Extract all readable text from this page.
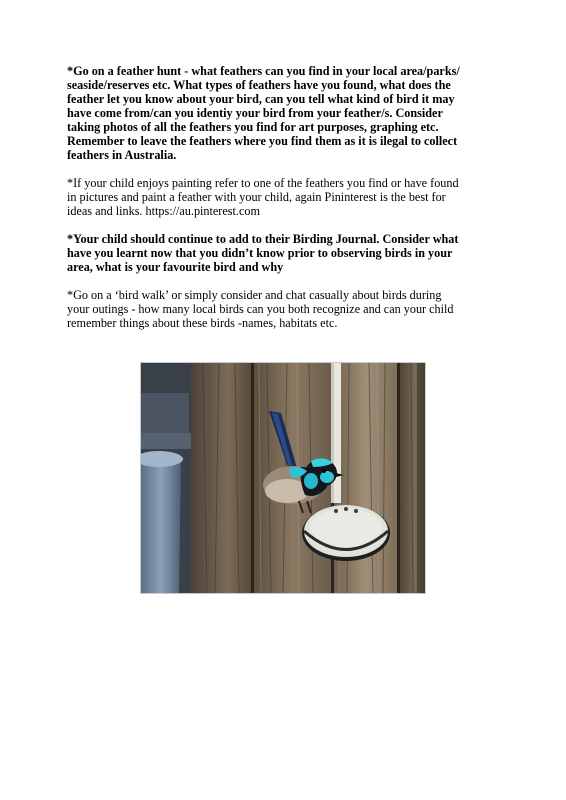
*Go on a feather hunt - what feathers can you find in your local area/parks/
seaside/reserves etc. What types of feathers have you found, what does the
feather let you know about your bird, can you tell what kind of bird it may
have come from/can you identiy your bird from your feather/s. Consider
taking photos of all the feathers you find for art purposes, graphing etc.
Remember to leave the feathers where you find them as it is ilegal to collect
feathers in Australia.
*If your child enjoys painting refer to one of the feathers you find or have found
in pictures and paint a feather with your child, again Pininterest is the best for
ideas and links. https://au.pinterest.com
*Your child should continue to add to their Birding Journal. Consider what
have you learnt now that you didn’t know prior to observing birds in your
area, what is your favourite bird and why
*Go on a ‘bird walk’ or simply consider and chat casually about birds during
your outings - how many local birds can you both recognize and can your child
remember things about these birds -names, habitats etc.
